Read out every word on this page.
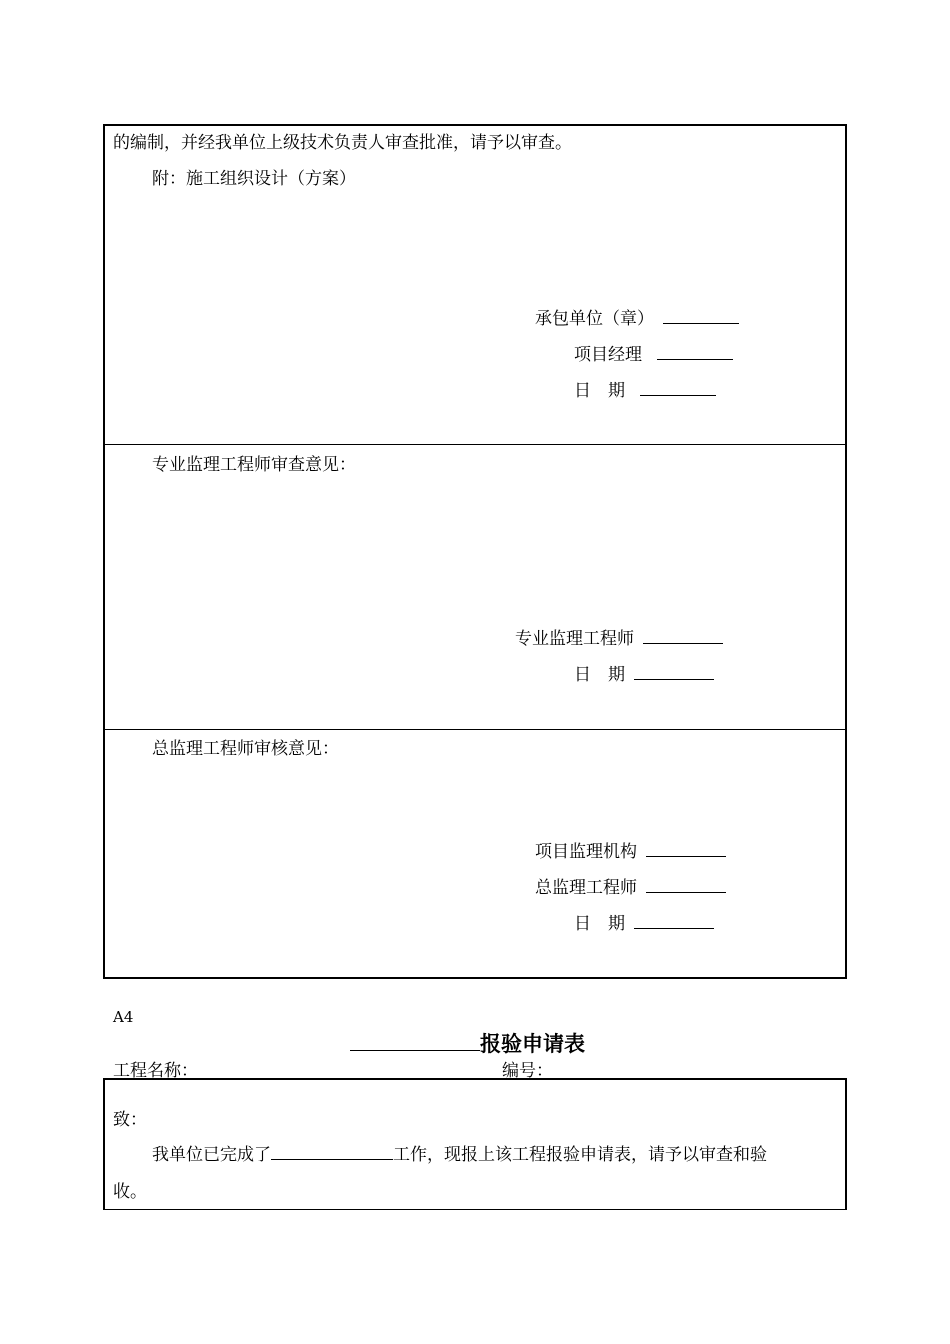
的编制，并经我单位上级技术负责人审查批准，请予以审查。
附：施工组织设计（方案）
承包单位（章）
项目经理
日　期
专业监理工程师审查意见：
专业监理工程师
日　期
总监理工程师审核意见：
项目监理机构
总监理工程师
日　期
A4
报验申请表
工程名称：	编号：
致：
我单位已完成了	工作，现报上该工程报验申请表，请予以审查和验
收。
